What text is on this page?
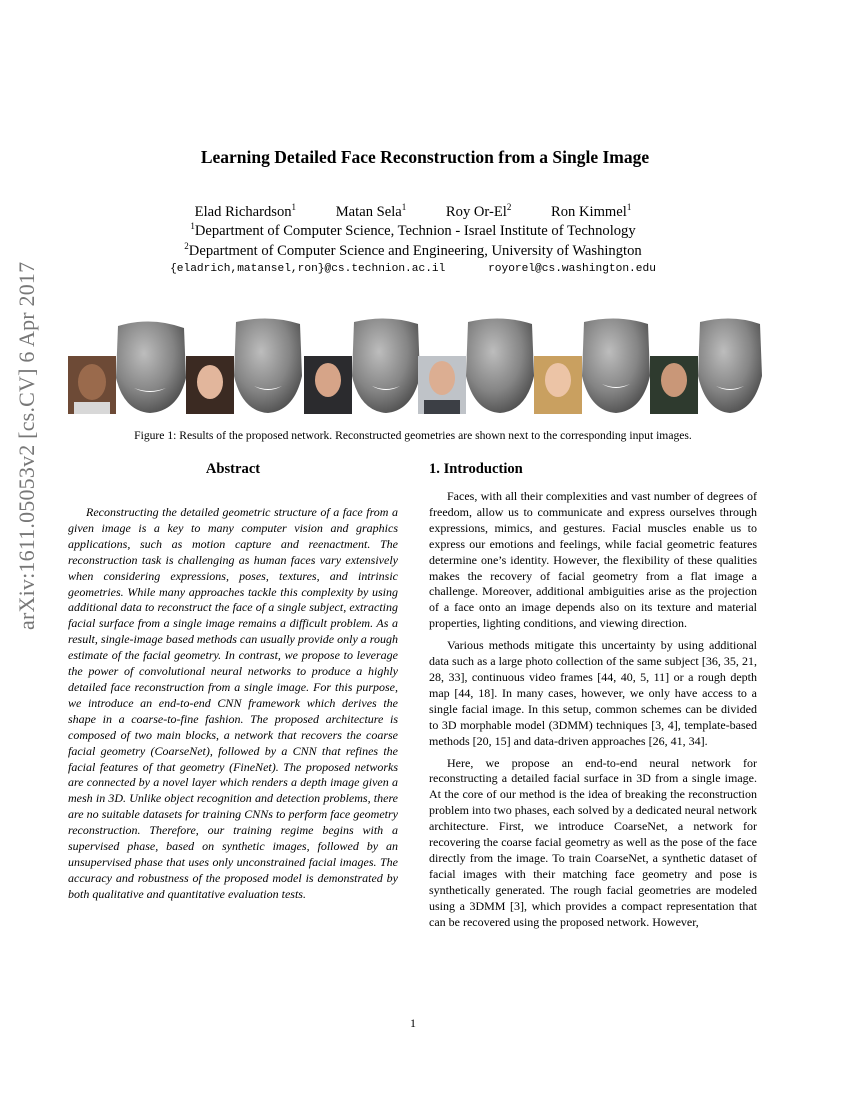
arXiv:1611.05053v2 [cs.CV] 6 Apr 2017
Learning Detailed Face Reconstruction from a Single Image
Elad Richardson$^1$	Matan Sela$^1$	Roy Or-El$^2$	Ron Kimmel$^1$
$^1$Department of Computer Science, Technion - Israel Institute of Technology
$^2$Department of Computer Science and Engineering, University of Washington
{eladrich,matansel,ron}@cs.technion.ac.il	royorel@cs.washington.edu
Figure 1: Results of the proposed network. Reconstructed geometries are shown next to the corresponding input images.
Abstract
Reconstructing the detailed geometric structure of a face from a given image is a key to many computer vision and graphics applications, such as motion capture and reenactment. The reconstruction task is challenging as human faces vary extensively when considering expressions, poses, textures, and intrinsic geometries. While many approaches tackle this complexity by using additional data to reconstruct the face of a single subject, extracting facial surface from a single image remains a difficult problem. As a result, single-image based methods can usually provide only a rough estimate of the facial geometry. In contrast, we propose to leverage the power of convolutional neural networks to produce a highly detailed face reconstruction from a single image. For this purpose, we introduce an end-to-end CNN framework which derives the shape in a coarse-to-fine fashion. The proposed architecture is composed of two main blocks, a network that recovers the coarse facial geometry (CoarseNet), followed by a CNN that refines the facial features of that geometry (FineNet). The proposed networks are connected by a novel layer which renders a depth image given a mesh in 3D. Unlike object recognition and detection problems, there are no suitable datasets for training CNNs to perform face geometry reconstruction. Therefore, our training regime begins with a supervised phase, based on synthetic images, followed by an unsupervised phase that uses only unconstrained facial images. The accuracy and robustness of the proposed model is demonstrated by both qualitative and quantitative evaluation tests.
1. Introduction

Faces, with all their complexities and vast number of degrees of freedom, allow us to communicate and express ourselves through expressions, mimics, and gestures. Facial muscles enable us to express our emotions and feelings, while facial geometric features determine one’s identity. However, the flexibility of these qualities makes the recovery of facial geometry from a flat image a challenge. Moreover, additional ambiguities arise as the projection of a face onto an image depends also on its texture and material properties, lighting conditions, and viewing direction.

Various methods mitigate this uncertainty by using additional data such as a large photo collection of the same subject [36, 35, 21, 28, 33], continuous video frames [44, 40, 5, 11] or a rough depth map [44, 18]. In many cases, however, we only have access to a single facial image. In this setup, common schemes can be divided to 3D morphable model (3DMM) techniques [3, 4], template-based methods [20, 15] and data-driven approaches [26, 41, 34].

Here, we propose an end-to-end neural network for reconstructing a detailed facial surface in 3D from a single image. At the core of our method is the idea of breaking the reconstruction problem into two phases, each solved by a dedicated neural network architecture. First, we introduce CoarseNet, a network for recovering the coarse facial geometry as well as the pose of the face directly from the image. To train CoarseNet, a synthetic dataset of facial images with their matching face geometry and pose is synthetically generated. The rough facial geometries are modeled using a 3DMM [3], which provides a compact representation that can be recovered using the proposed network. However,

1
